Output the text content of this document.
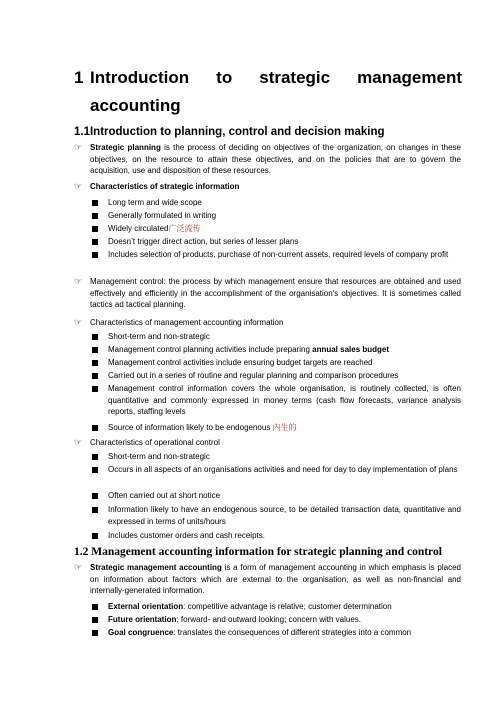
1 Introduction to strategic management
accounting
1.1Introduction to planning, control and decision making
☞ Strategic planning is the process of deciding on objectives of the organization, on changes in these objectives, on the resource to attain these objectives, and on the policies that are to govern the acquisition, use and disposition of these resources.
☞ Characteristics of strategic information
Long term and wide scope
Generally formulated in writing
Widely circulated广泛流传
Doesn’t trigger direct action, but series of lesser plans
Includes selection of products, purchase of non-current assets, required levels of company profit
☞ Management control: the process by which management ensure that resources are obtained and used effectively and efficiently in the accomplishment of the organisation’s objectives. It is sometimes called tactics ad tactical planning.
☞ Characteristics of management accounting information
Short-term and non-strategic
Management control planning activities include preparing annual sales budget
Management control activities include ensuring budget targets are reached
Carried out in a series of routine and regular planning and comparison procedures
Management control information covers the whole organisation, is routinely collected, is often quantitative and commonly expressed in money terms (cash flow forecasts, variance analysis reports, staffing levels
Source of information likely to be endogenous 内生的
☞ Characteristics of operational control
Short-term and non-strategic
Occurs in all aspects of an organisations activities and need for day to day implementation of plans
Often carried out at short notice
Information likely to have an endogenous source, to be detailed transaction data, quantitative and expressed in terms of units/hours
Includes customer orders and cash receipts.
1.2 Management accounting information for strategic planning and control
☞ Strategic management accounting is a form of management accounting in which emphasis is placed on information about factors which are external to the organisation, as well as non-financial and internally-generated information.
External orientation: competitive advantage is relative; customer determination
Future orientation: forward- and outward looking; concern with values.
Goal congruence: translates the consequences of different strategies into a common
